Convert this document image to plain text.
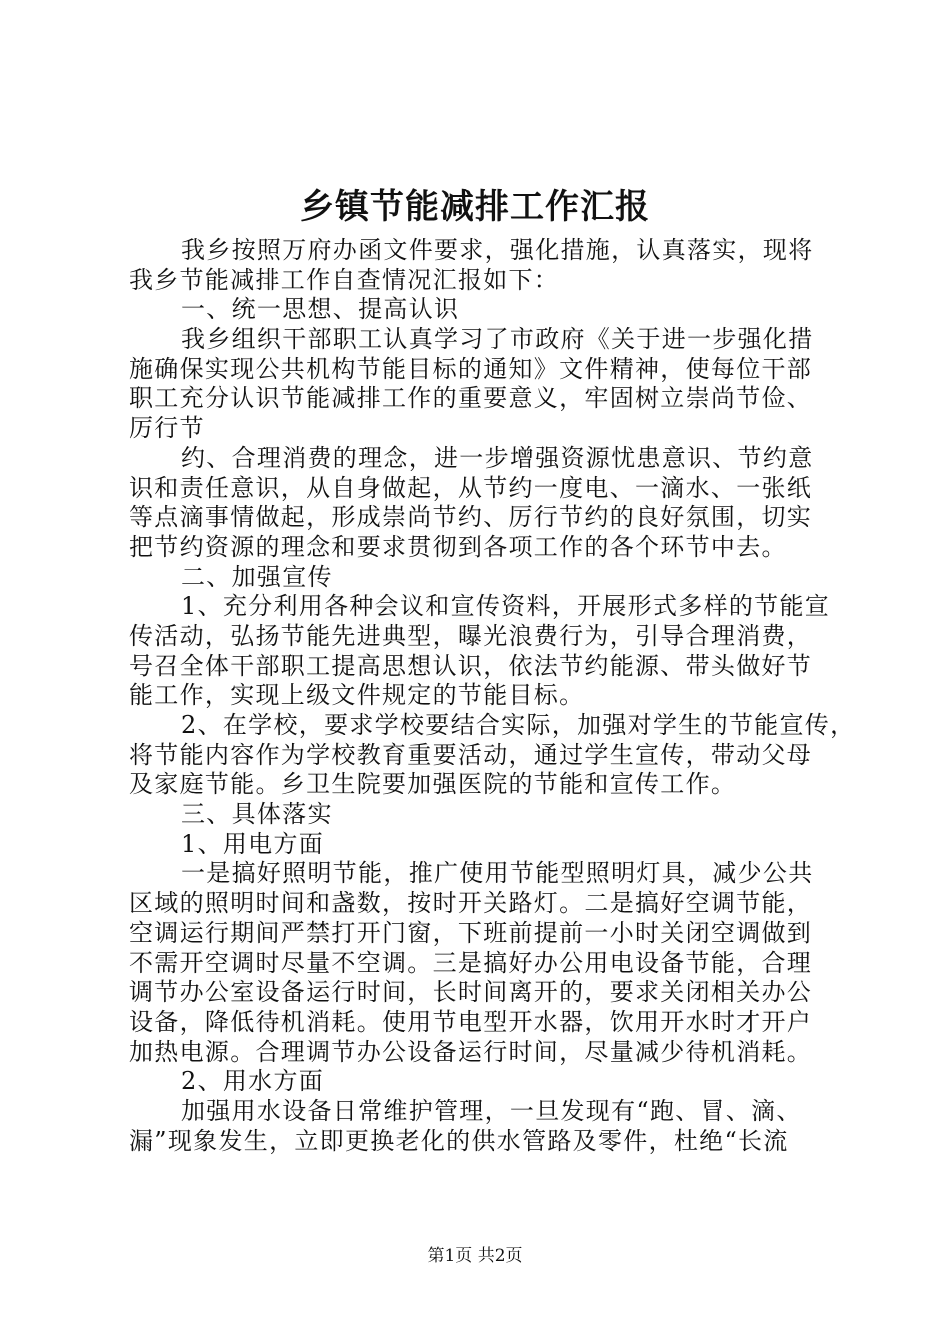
乡镇节能减排工作汇报
我乡按照万府办函文件要求，强化措施，认真落实，现将
我乡节能减排工作自查情况汇报如下：
一、统一思想、提高认识
我乡组织干部职工认真学习了市政府《关于进一步强化措
施确保实现公共机构节能目标的通知》文件精神，使每位干部
职工充分认识节能减排工作的重要意义，牢固树立崇尚节俭、
厉行节
约、合理消费的理念，进一步增强资源忧患意识、节约意
识和责任意识，从自身做起，从节约一度电、一滴水、一张纸
等点滴事情做起，形成崇尚节约、厉行节约的良好氛围，切实
把节约资源的理念和要求贯彻到各项工作的各个环节中去。
二、加强宣传
1、充分利用各种会议和宣传资料，开展形式多样的节能宣
传活动，弘扬节能先进典型，曝光浪费行为，引导合理消费，
号召全体干部职工提高思想认识，依法节约能源、带头做好节
能工作，实现上级文件规定的节能目标。
2、在学校，要求学校要结合实际，加强对学生的节能宣传，
将节能内容作为学校教育重要活动，通过学生宣传，带动父母
及家庭节能。乡卫生院要加强医院的节能和宣传工作。
三、具体落实
1、用电方面
一是搞好照明节能，推广使用节能型照明灯具，减少公共
区域的照明时间和盏数，按时开关路灯。二是搞好空调节能，
空调运行期间严禁打开门窗，下班前提前一小时关闭空调做到
不需开空调时尽量不空调。三是搞好办公用电设备节能，合理
调节办公室设备运行时间，长时间离开的，要求关闭相关办公
设备，降低待机消耗。使用节电型开水器，饮用开水时才开户
加热电源。合理调节办公设备运行时间，尽量减少待机消耗。
2、用水方面
加强用水设备日常维护管理，一旦发现有“跑、冒、滴、
漏”现象发生，立即更换老化的供水管路及零件，杜绝“长流
第1页 共2页
